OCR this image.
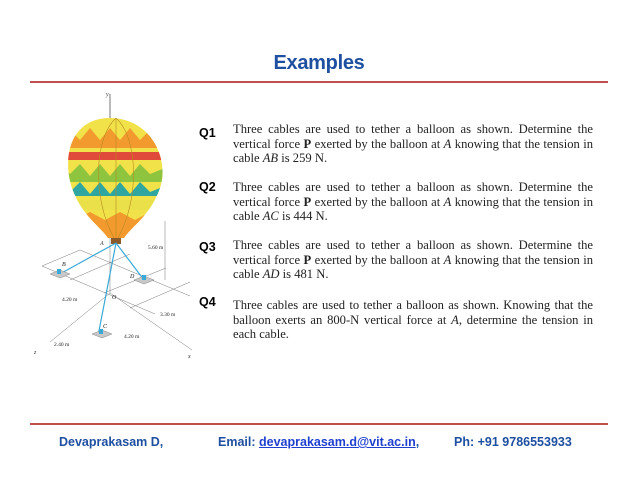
Examples
y
A
B
D
C
O
5.60 m
4.20 m
3.30 m
4.20 m
2.40 m
z
x
Q1 Three cables are used to tether a balloon as shown. Determine the vertical force P exerted by the balloon at A knowing that the tension in cable AB is 259 N.
Q2 Three cables are used to tether a balloon as shown. Determine the vertical force P exerted by the balloon at A knowing that the tension in cable AC is 444 N.
Q3 Three cables are used to tether a balloon as shown. Determine the vertical force P exerted by the balloon at A knowing that the tension in cable AD is 481 N.
Q4 Three cables are used to tether a balloon as shown. Knowing that the balloon exerts an 800-N vertical force at A, determine the tension in each cable.
Devaprakasam D,	Email: devaprakasam.d@vit.ac.in,	Ph: +91 9786553933
